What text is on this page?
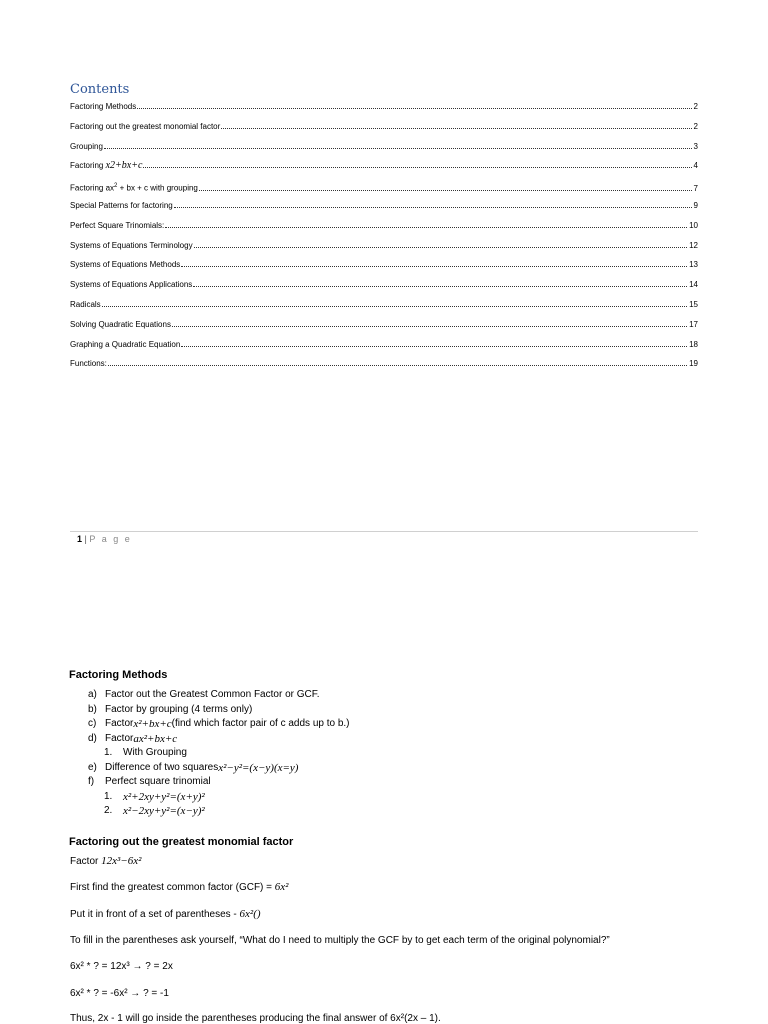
Contents
Factoring Methods	2
Factoring out the greatest monomial factor	2
Grouping	3
Factoring x2+bx+c	4
Factoring $ax^2$ + bx + c with grouping	7
Special Patterns for factoring	9
Perfect Square Trinomials:	10
Systems of Equations Terminology	12
Systems of Equations Methods	13
Systems of Equations Applications	14
Radicals	15
Solving Quadratic Equations	17
Graphing a Quadratic Equation	18
Functions:	19
1 | P a g e
Factoring Methods
a) Factor out the Greatest Common Factor or GCF.
b) Factor by grouping (4 terms only)
c) Factor x²+bx+c (find which factor pair of c adds up to b.)
d) Factor ax²+bx+c
1.	With Grouping
e) Difference of two squares x²−y²=(x−y)(x=y)
f)	Perfect square trinomial
1. x²+2xy+y²=(x+y)²
2. x²−2xy+y²=(x−y)²
Factoring out the greatest monomial factor

Factor 12x³−6x²

First find the greatest common factor (GCF) = 6x²

Put it in front of a set of parentheses - 6x²()

To fill in the parentheses ask yourself, “What do I need to multiply the GCF by to get each term of the original polynomial?”

6x² * ? = 12x³ → ? = 2x

6x² * ? = -6x² → ? = -1

Thus, 2x - 1 will go inside the parentheses producing the final answer of 6x²(2x – 1).
